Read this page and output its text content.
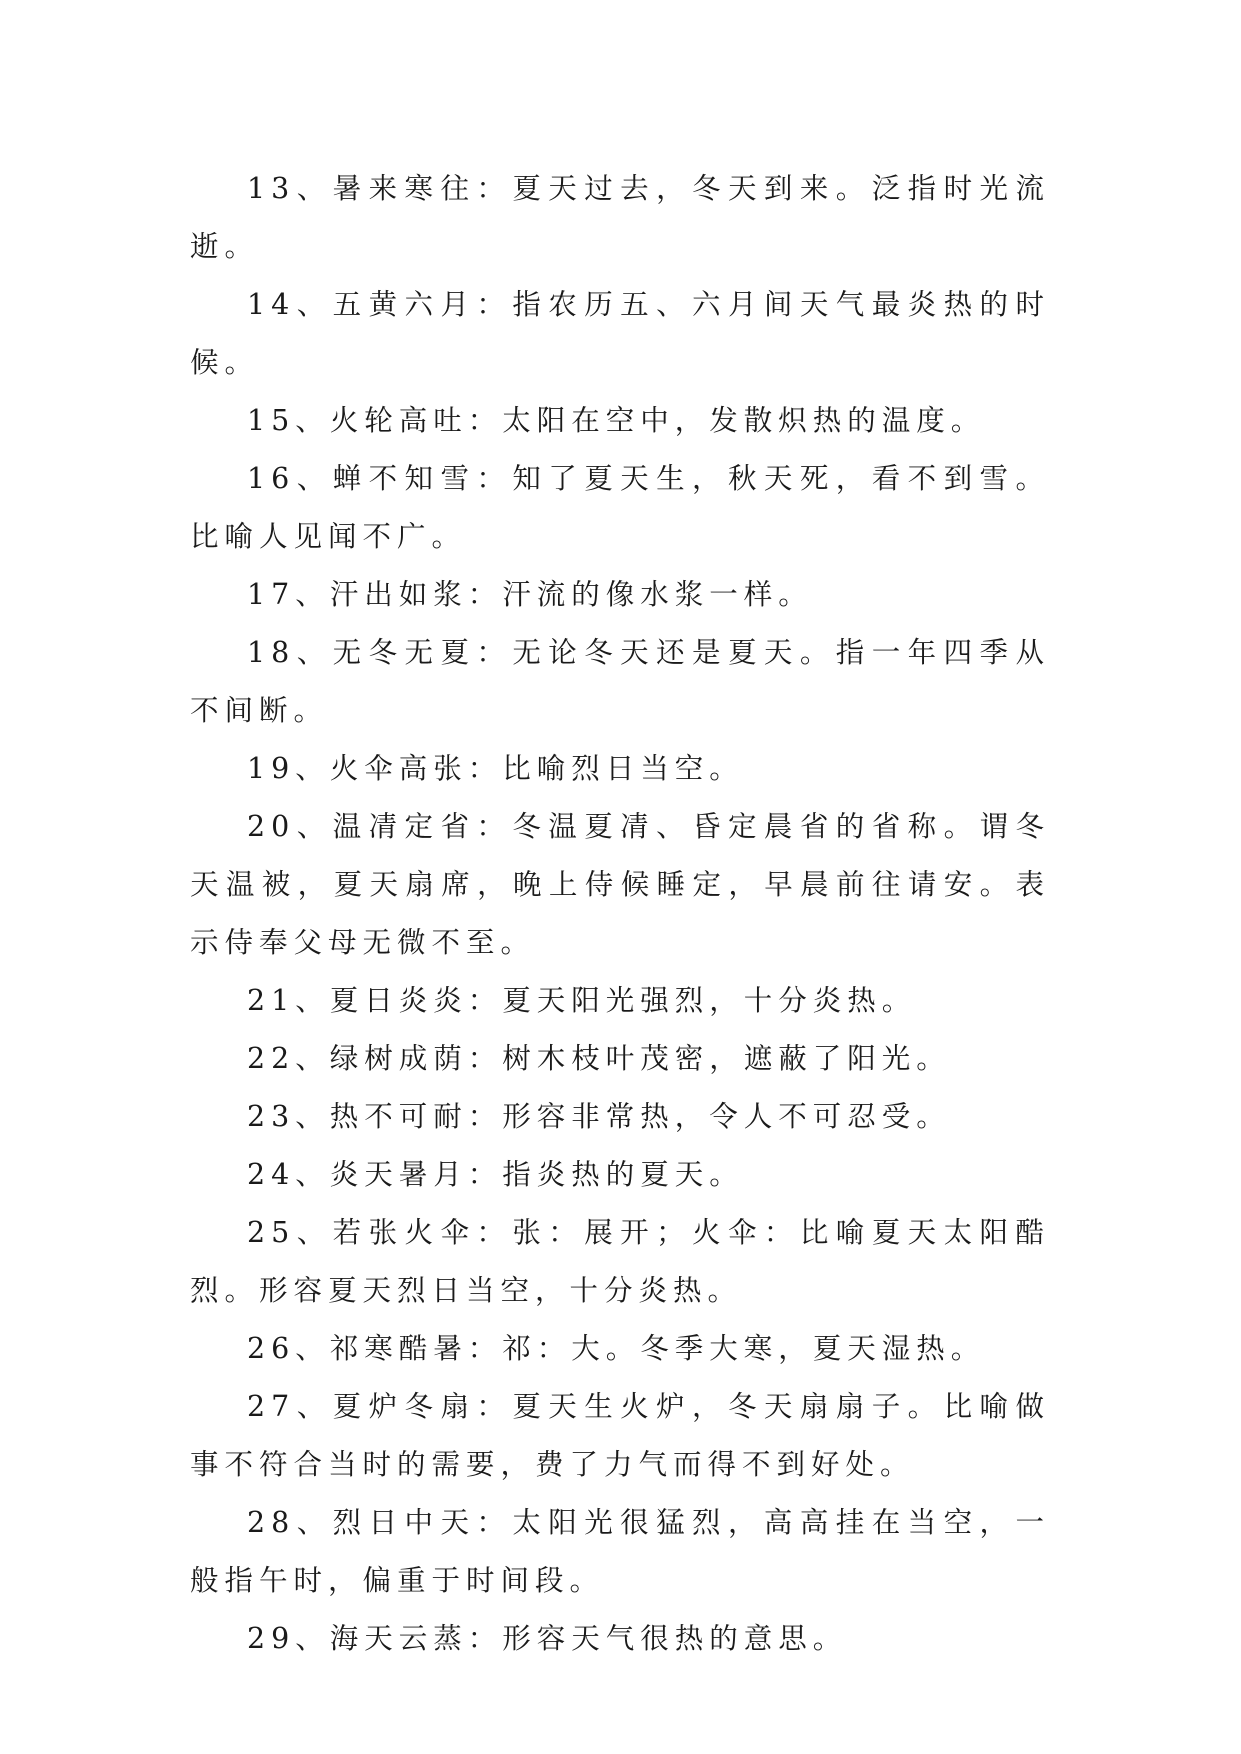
13、暑来寒往：夏天过去，冬天到来。泛指时光流逝。

14、五黄六月：指农历五、六月间天气最炎热的时候。

15、火轮高吐：太阳在空中，发散炽热的温度。

16、蝉不知雪：知了夏天生，秋天死，看不到雪。比喻人见闻不广。

17、汗出如浆：汗流的像水浆一样。

18、无冬无夏：无论冬天还是夏天。指一年四季从不间断。

19、火伞高张：比喻烈日当空。

20、温凊定省：冬温夏凊、昏定晨省的省称。谓冬天温被，夏天扇席，晚上侍候睡定，早晨前往请安。表示侍奉父母无微不至。

21、夏日炎炎：夏天阳光强烈，十分炎热。

22、绿树成荫：树木枝叶茂密，遮蔽了阳光。

23、热不可耐：形容非常热，令人不可忍受。

24、炎天暑月：指炎热的夏天。

25、若张火伞：张：展开；火伞：比喻夏天太阳酷烈。形容夏天烈日当空，十分炎热。

26、祁寒酷暑：祁：大。冬季大寒，夏天湿热。

27、夏炉冬扇：夏天生火炉，冬天扇扇子。比喻做事不符合当时的需要，费了力气而得不到好处。

28、烈日中天：太阳光很猛烈，高高挂在当空，一般指午时，偏重于时间段。

29、海天云蒸：形容天气很热的意思。
